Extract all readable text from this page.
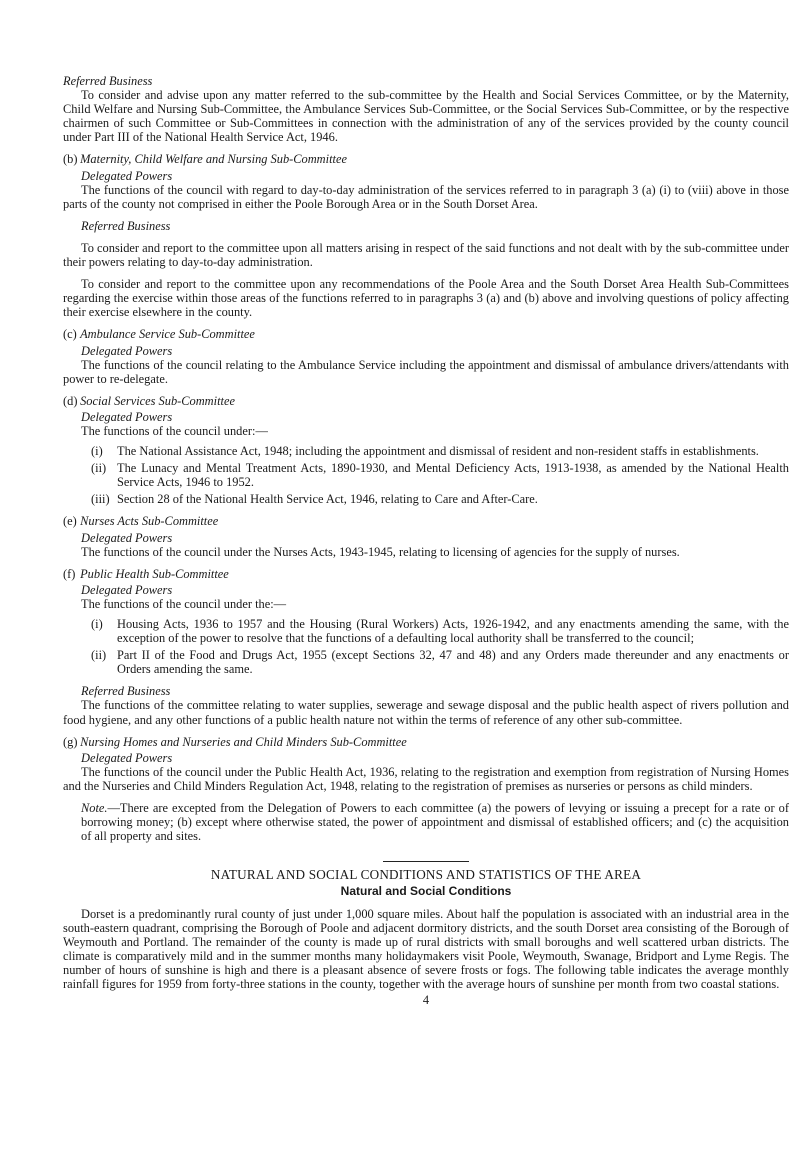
Referred Business

To consider and advise upon any matter referred to the sub-committee by the Health and Social Services Committee, or by the Maternity, Child Welfare and Nursing Sub-Committee, the Ambulance Services Sub-Committee, or the Social Services Sub-Committee, or by the respective chairmen of such Committee or Sub-Committees in connection with the administration of any of the services provided by the county council under Part III of the National Health Service Act, 1946.

(b) Maternity, Child Welfare and Nursing Sub-Committee

Delegated Powers

The functions of the council with regard to day-to-day administration of the services referred to in paragraph 3 (a) (i) to (viii) above in those parts of the county not comprised in either the Poole Borough Area or in the South Dorset Area.

Referred Business

To consider and report to the committee upon all matters arising in respect of the said functions and not dealt with by the sub-committee under their powers relating to day-to-day administration.

To consider and report to the committee upon any recommendations of the Poole Area and the South Dorset Area Health Sub-Committees regarding the exercise within those areas of the functions referred to in paragraphs 3 (a) and (b) above and involving questions of policy affecting their exercise elsewhere in the county.

(c) Ambulance Service Sub-Committee

Delegated Powers

The functions of the council relating to the Ambulance Service including the appointment and dismissal of ambulance drivers/attendants with power to re-delegate.

(d) Social Services Sub-Committee

Delegated Powers

The functions of the council under:—

(i)	The National Assistance Act, 1948; including the appointment and dismissal of resident and non-resident staffs in establishments.
(ii) The Lunacy and Mental Treatment Acts, 1890-1930, and Mental Deficiency Acts, 1913-1938, as amended by the National Health Service Acts, 1946 to 1952.
(iii) Section 28 of the National Health Service Act, 1946, relating to Care and After-Care.

(e) Nurses Acts Sub-Committee

Delegated Powers

The functions of the council under the Nurses Acts, 1943-1945, relating to licensing of agencies for the supply of nurses.

(f) Public Health Sub-Committee

Delegated Powers

The functions of the council under the:—

(i)	Housing Acts, 1936 to 1957 and the Housing (Rural Workers) Acts, 1926-1942, and any enactments amending the same, with the exception of the power to resolve that the functions of a defaulting local authority shall be transferred to the council;
(ii) Part II of the Food and Drugs Act, 1955 (except Sections 32, 47 and 48) and any Orders made thereunder and any enactments or Orders amending the same.

Referred Business

The functions of the committee relating to water supplies, sewerage and sewage disposal and the public health aspect of rivers pollution and food hygiene, and any other functions of a public health nature not within the terms of reference of any other sub-committee.

(g) Nursing Homes and Nurseries and Child Minders Sub-Committee

Delegated Powers

The functions of the council under the Public Health Act, 1936, relating to the registration and exemption from registration of Nursing Homes and the Nurseries and Child Minders Regulation Act, 1948, relating to the registration of premises as nurseries or persons as child minders.

Note.—There are excepted from the Delegation of Powers to each committee (a) the powers of levying or issuing a precept for a rate or of borrowing money; (b) except where otherwise stated, the power of appointment and dismissal of established officers; and (c) the acquisition of all property and sites.

NATURAL AND SOCIAL CONDITIONS AND STATISTICS OF THE AREA

Natural and Social Conditions

Dorset is a predominantly rural county of just under 1,000 square miles. About half the population is associated with an industrial area in the south-eastern quadrant, comprising the Borough of Poole and adjacent dormitory districts, and the south Dorset area consisting of the Borough of Weymouth and Portland. The remainder of the county is made up of rural districts with small boroughs and well scattered urban districts. The climate is comparatively mild and in the summer months many holidaymakers visit Poole, Weymouth, Swanage, Bridport and Lyme Regis. The number of hours of sunshine is high and there is a pleasant absence of severe frosts or fogs. The following table indicates the average monthly rainfall figures for 1959 from forty-three stations in the county, together with the average hours of sunshine per month from two coastal stations.

4
